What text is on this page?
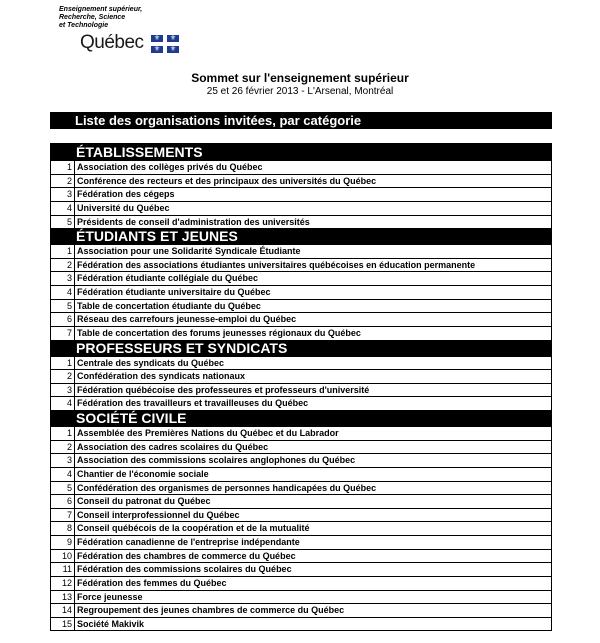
Enseignement supérieur,
Recherche, Science
et Technologie
Québec	⚜	⚜
⚜	⚜
Sommet sur l'enseignement supérieur
25 et 26 février 2013 - L'Arsenal, Montréal
Liste des organisations invitées, par catégorie
ÉTABLISSEMENTS
1 Association des collèges privés du Québec
2 Conférence des recteurs et des principaux des universités du Québec
3 Fédération des cégeps
4 Université du Québec
5 Présidents de conseil d'administration des universités
ÉTUDIANTS ET JEUNES
1 Association pour une Solidarité Syndicale Étudiante
2 Fédération des associations étudiantes universitaires québécoises en éducation permanente
3 Fédération étudiante collégiale du Québec
4 Fédération étudiante universitaire du Québec
5 Table de concertation étudiante du Québec
6 Réseau des carrefours jeunesse-emploi du Québec
7 Table de concertation des forums jeunesses régionaux du Québec
PROFESSEURS ET SYNDICATS
1 Centrale des syndicats du Québec
2 Confédération des syndicats nationaux
3 Fédération québécoise des professeures et professeurs d'université
4 Fédération des travailleurs et travailleuses du Québec
SOCIÉTÉ CIVILE
1 Assemblée des Premières Nations du Québec et du Labrador
2 Association des cadres scolaires du Québec
3 Association des commissions scolaires anglophones du Québec
4 Chantier de l'économie sociale
5 Confédération des organismes de personnes handicapées du Québec
6 Conseil du patronat du Québec
7 Conseil interprofessionnel du Québec
8 Conseil québécois de la coopération et de la mutualité
9 Fédération canadienne de l'entreprise indépendante
10 Fédération des chambres de commerce du Québec
11 Fédération des commissions scolaires du Québec
12 Fédération des femmes du Québec
13 Force jeunesse
14 Regroupement des jeunes chambres de commerce du Québec
15 Société Makivik
